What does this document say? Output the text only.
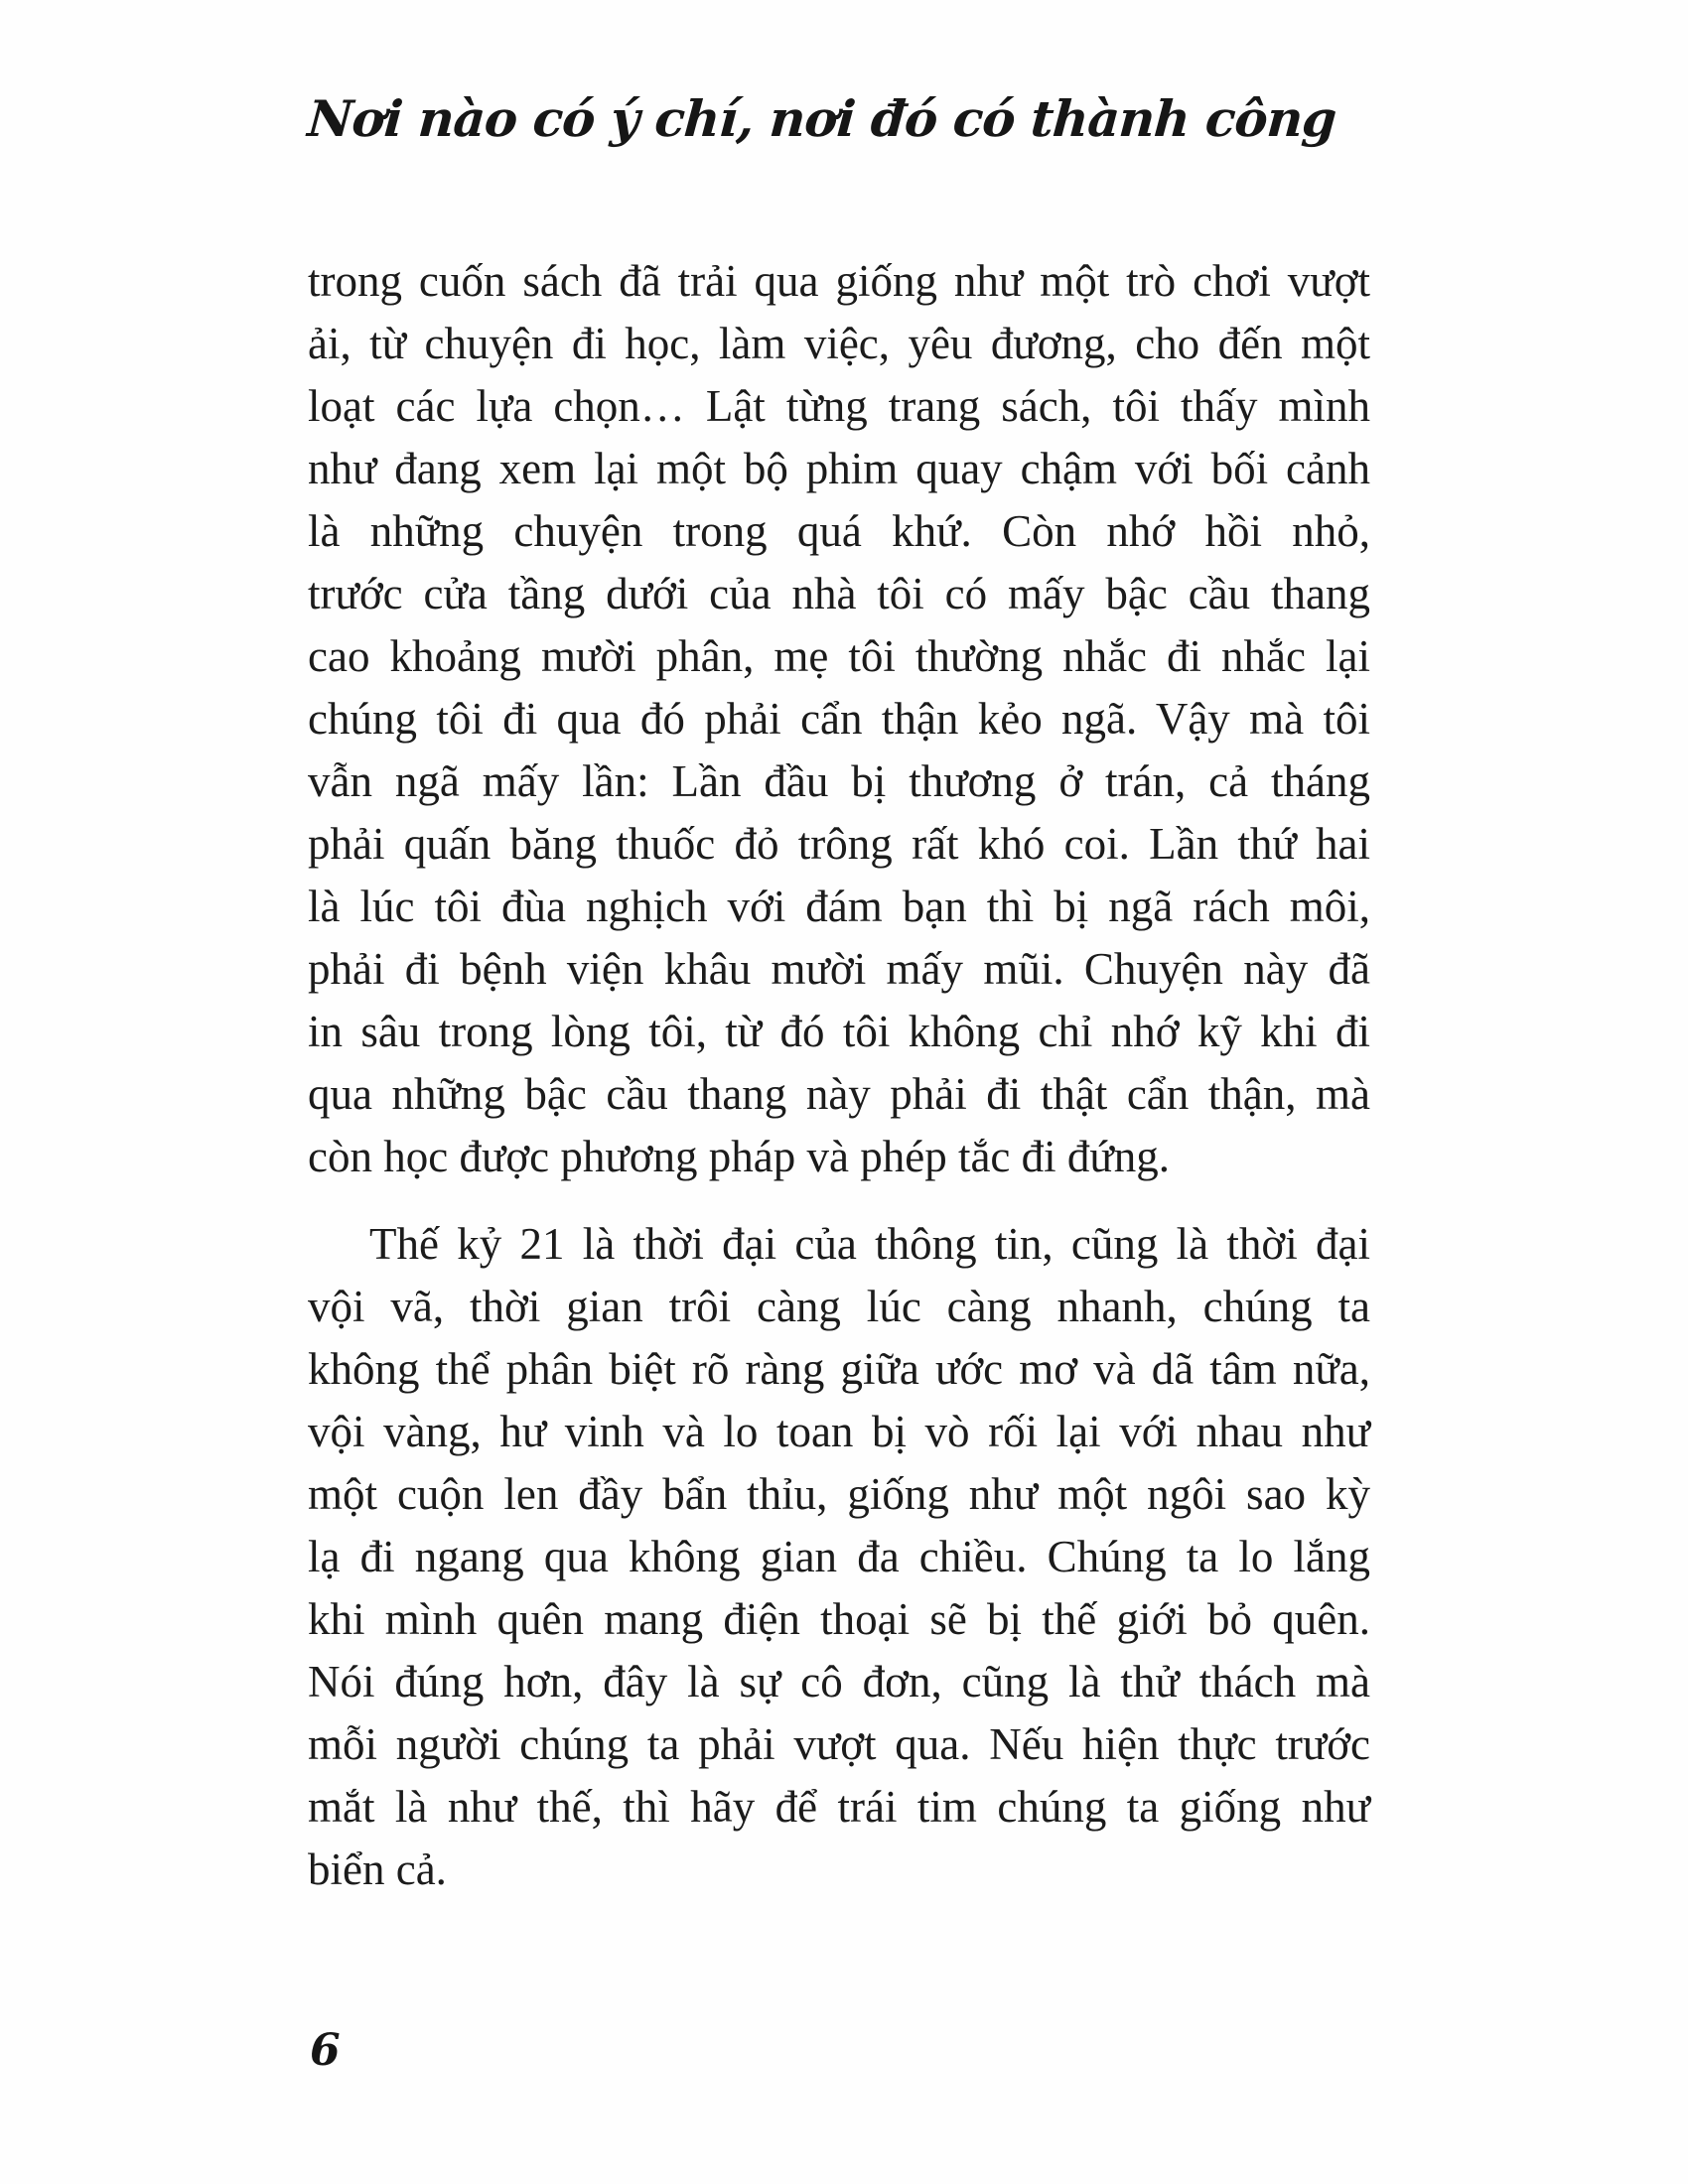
Nơi nào có ý chí, nơi đó có thành công

trong cuốn sách đã trải qua giống như một trò chơi vượt
ải, từ chuyện đi học, làm việc, yêu đương, cho đến một
loạt các lựa chọn… Lật từng trang sách, tôi thấy mình
như đang xem lại một bộ phim quay chậm với bối cảnh
là những chuyện trong quá khứ. Còn nhớ hồi nhỏ,
trước cửa tầng dưới của nhà tôi có mấy bậc cầu thang
cao khoảng mười phân, mẹ tôi thường nhắc đi nhắc lại
chúng tôi đi qua đó phải cẩn thận kẻo ngã. Vậy mà tôi
vẫn ngã mấy lần: Lần đầu bị thương ở trán, cả tháng
phải quấn băng thuốc đỏ trông rất khó coi. Lần thứ hai
là lúc tôi đùa nghịch với đám bạn thì bị ngã rách môi,
phải đi bệnh viện khâu mười mấy mũi. Chuyện này đã
in sâu trong lòng tôi, từ đó tôi không chỉ nhớ kỹ khi đi
qua những bậc cầu thang này phải đi thật cẩn thận, mà
còn học được phương pháp và phép tắc đi đứng.

Thế kỷ 21 là thời đại của thông tin, cũng là thời đại
vội vã, thời gian trôi càng lúc càng nhanh, chúng ta
không thể phân biệt rõ ràng giữa ước mơ và dã tâm nữa,
vội vàng, hư vinh và lo toan bị vò rối lại với nhau như
một cuộn len đầy bẩn thỉu, giống như một ngôi sao kỳ
lạ đi ngang qua không gian đa chiều. Chúng ta lo lắng
khi mình quên mang điện thoại sẽ bị thế giới bỏ quên.
Nói đúng hơn, đây là sự cô đơn, cũng là thử thách mà
mỗi người chúng ta phải vượt qua. Nếu hiện thực trước
mắt là như thế, thì hãy để trái tim chúng ta giống như
biển cả.

6
